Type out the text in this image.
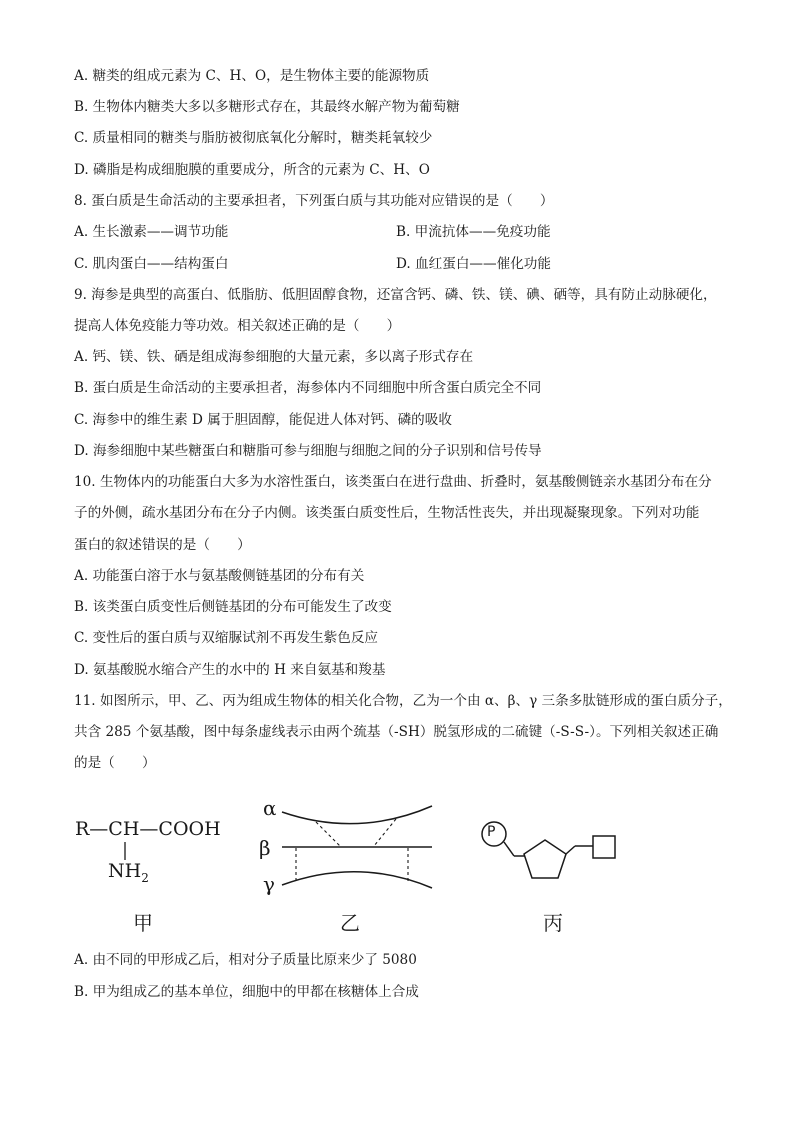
A. 糖类的组成元素为 C、H、O，是生物体主要的能源物质
B. 生物体内糖类大多以多糖形式存在，其最终水解产物为葡萄糖
C. 质量相同的糖类与脂肪被彻底氧化分解时，糖类耗氧较少
D. 磷脂是构成细胞膜的重要成分，所含的元素为 C、H、O
8. 蛋白质是生命活动的主要承担者，下列蛋白质与其功能对应错误的是（　　）
A. 生长激素——调节功能	B. 甲流抗体——免疫功能
C. 肌肉蛋白——结构蛋白	D. 血红蛋白——催化功能
9. 海参是典型的高蛋白、低脂肪、低胆固醇食物，还富含钙、磷、铁、镁、碘、硒等，具有防止动脉硬化，
提高人体免疫能力等功效。相关叙述正确的是（　　）
A. 钙、镁、铁、硒是组成海参细胞的大量元素，多以离子形式存在
B. 蛋白质是生命活动的主要承担者，海参体内不同细胞中所含蛋白质完全不同
C. 海参中的维生素 D 属于胆固醇，能促进人体对钙、磷的吸收
D. 海参细胞中某些糖蛋白和糖脂可参与细胞与细胞之间的分子识别和信号传导
10. 生物体内的功能蛋白大多为水溶性蛋白，该类蛋白在进行盘曲、折叠时，氨基酸侧链亲水基团分布在分
子的外侧，疏水基团分布在分子内侧。该类蛋白质变性后，生物活性丧失，并出现凝聚现象。下列对功能
蛋白的叙述错误的是（　　）
A. 功能蛋白溶于水与氨基酸侧链基团的分布有关
B. 该类蛋白质变性后侧链基团的分布可能发生了改变
C. 变性后的蛋白质与双缩脲试剂不再发生紫色反应
D. 氨基酸脱水缩合产生的水中的 H 来自氨基和羧基
11. 如图所示，甲、乙、丙为组成生物体的相关化合物，乙为一个由 α、β、γ 三条多肽链形成的蛋白质分子，
共含 285 个氨基酸，图中每条虚线表示由两个巯基（-SH）脱氢形成的二硫键（-S-S-）。下列相关叙述正确
的是（　　）
R—CH—COOH
$NH_2$
甲
α
β
γ
乙
P
丙
A. 由不同的甲形成乙后，相对分子质量比原来少了 5080
B. 甲为组成乙的基本单位，细胞中的甲都在核糖体上合成
